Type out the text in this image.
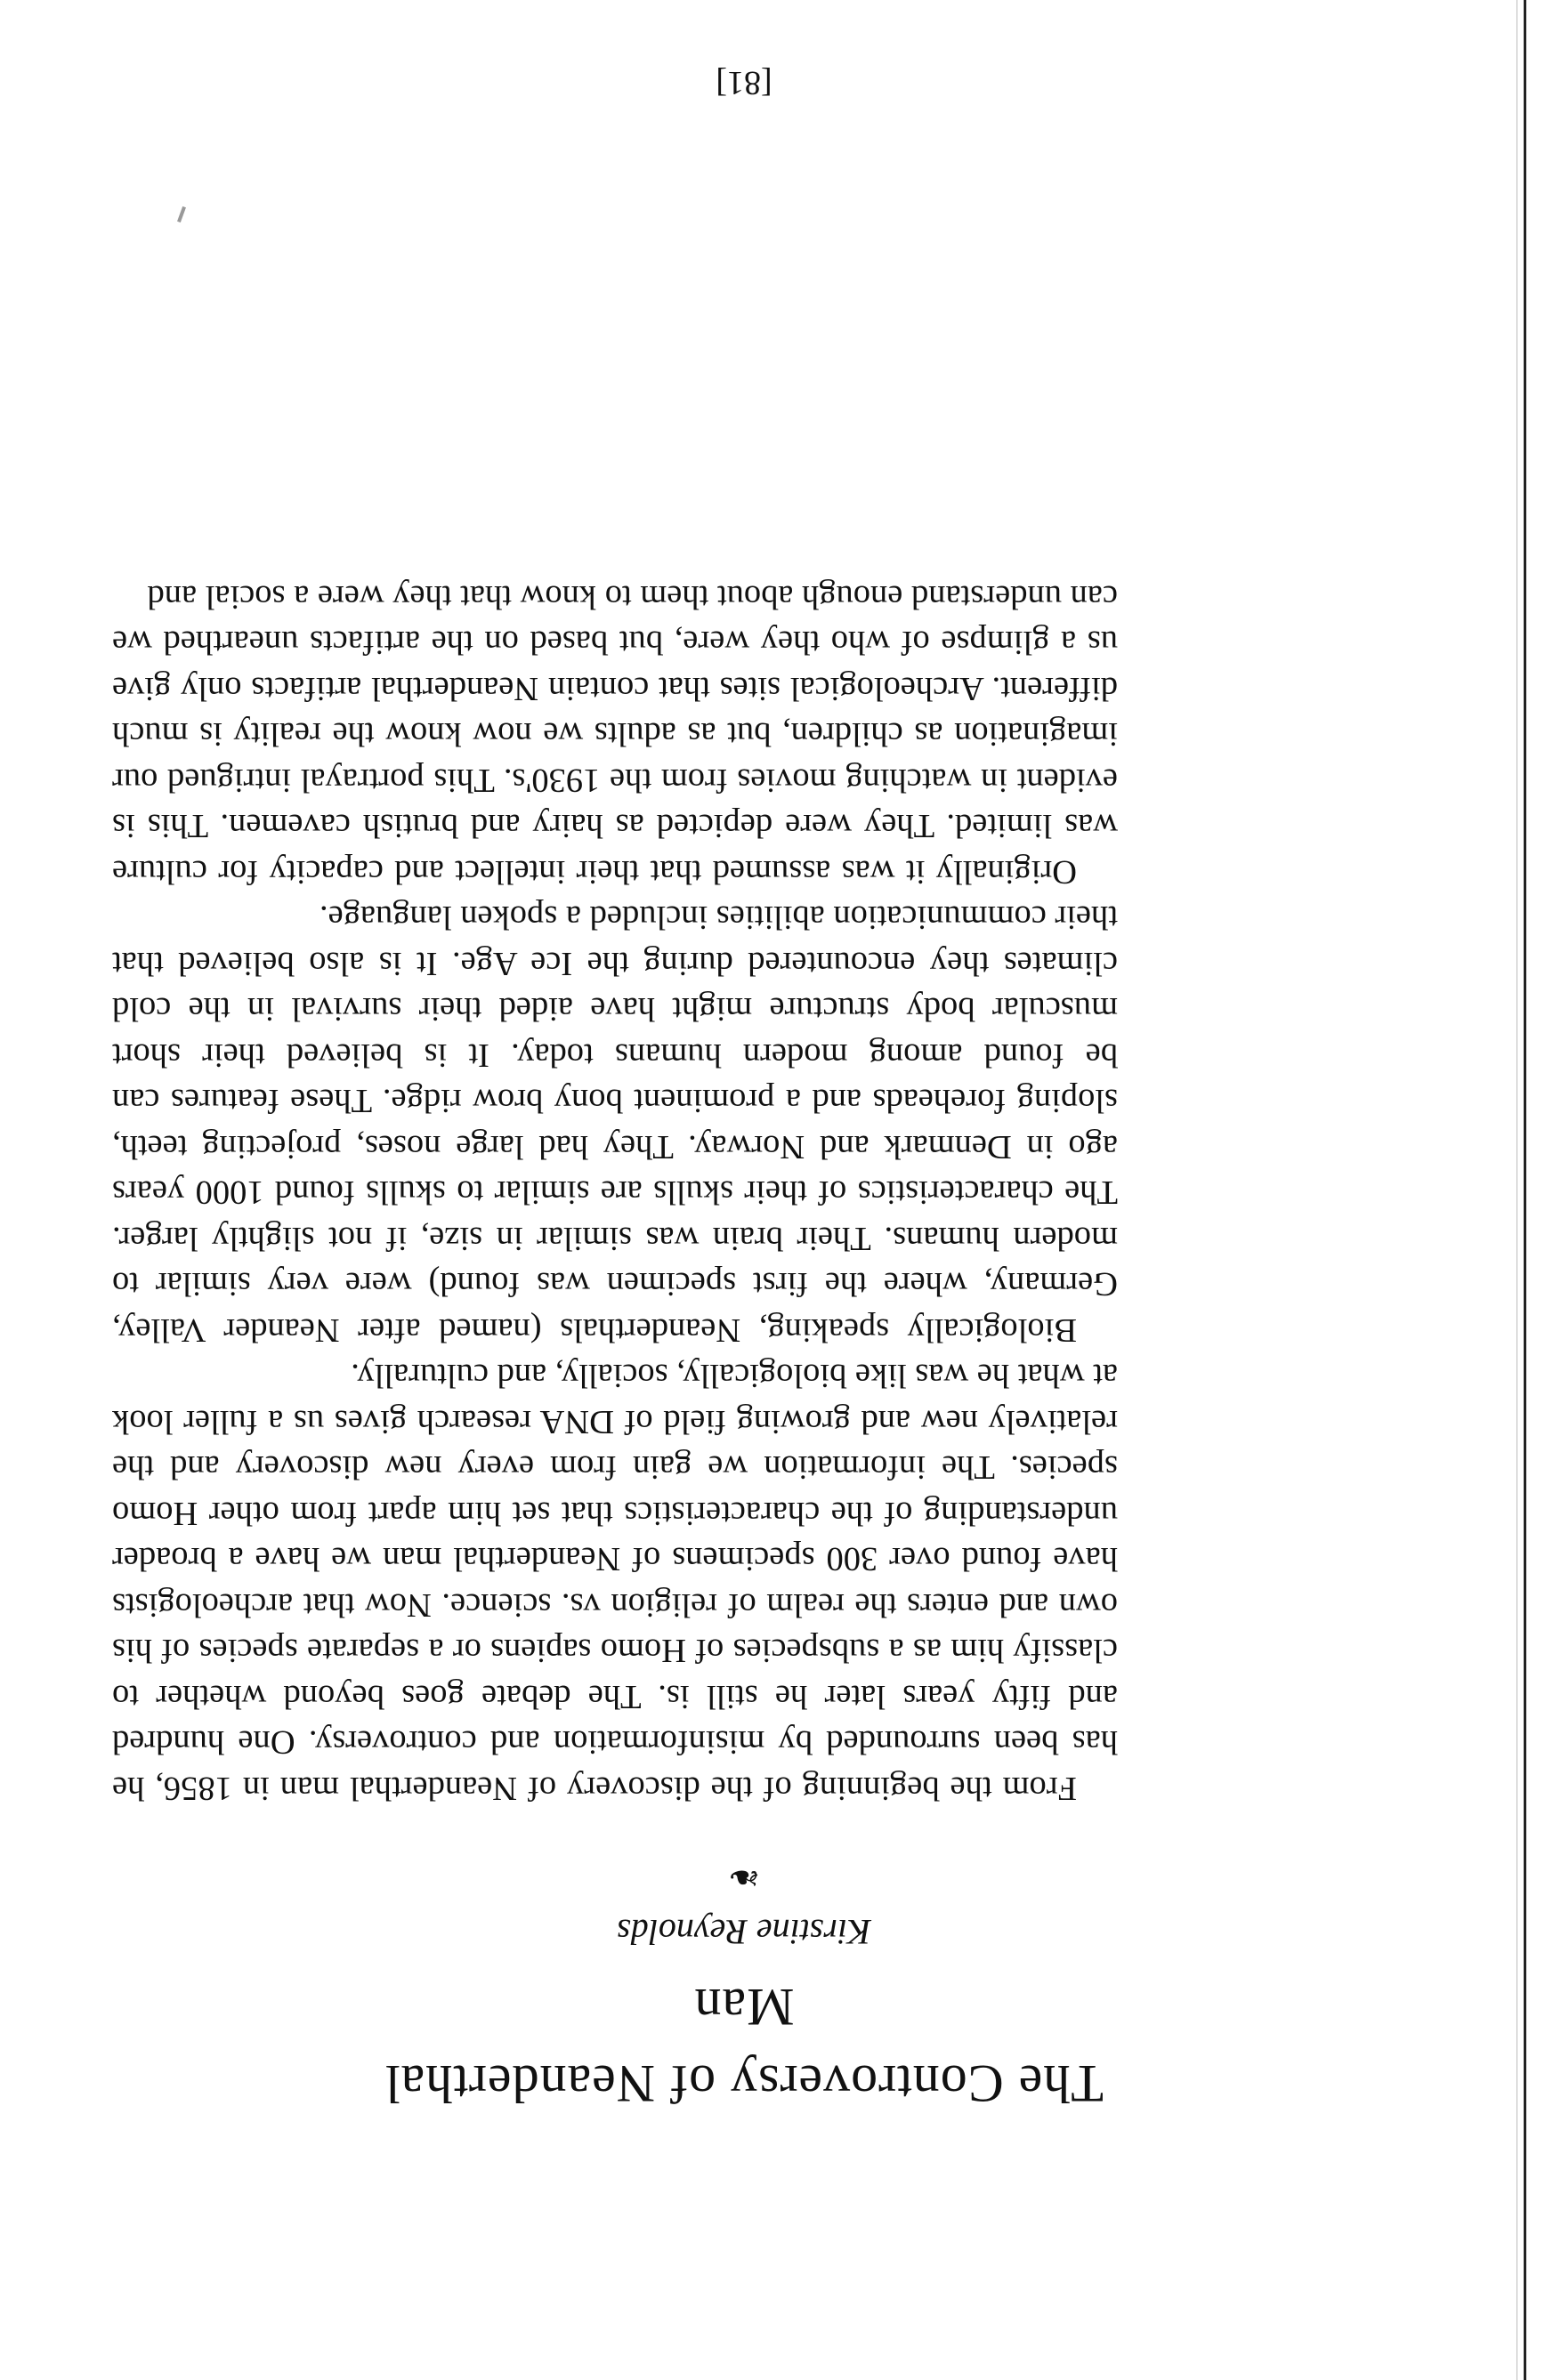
The Controversy of Neanderthal Man
Kirstine Reynolds
❧

From the beginning of the discovery of Neanderthal man in 1856, he has been surrounded by misinformation and controversy. One hundred and fifty years later he still is. The debate goes beyond whether to classify him as a subspecies of Homo sapiens or a separate species of his own and enters the realm of religion vs. science. Now that archeologists have found over 300 specimens of Neanderthal man we have a broader understanding of the characteristics that set him apart from other Homo species. The information we gain from every new discovery and the relatively new and growing field of DNA research gives us a fuller look at what he was like biologically, socially, and culturally.

Biologically speaking, Neanderthals (named after Neander Valley, Germany, where the first specimen was found) were very similar to modern humans. Their brain was similar in size, if not slightly larger. The characteristics of their skulls are similar to skulls found 1000 years ago in Denmark and Norway. They had large noses, projecting teeth, sloping foreheads and a prominent bony brow ridge. These features can be found among modern humans today. It is believed their short muscular body structure might have aided their survival in the cold climates they encountered during the Ice Age. It is also believed that their communication abilities included a spoken language.

Originally it was assumed that their intellect and capacity for culture was limited. They were depicted as hairy and brutish cavemen. This is evident in watching movies from the 1930's. This portrayal intrigued our imagination as children, but as adults we now know the reality is much different. Archeological sites that contain Neanderthal artifacts only give us a glimpse of who they were, but based on the artifacts unearthed we can understand enough about them to know that they were a social and

[81]
